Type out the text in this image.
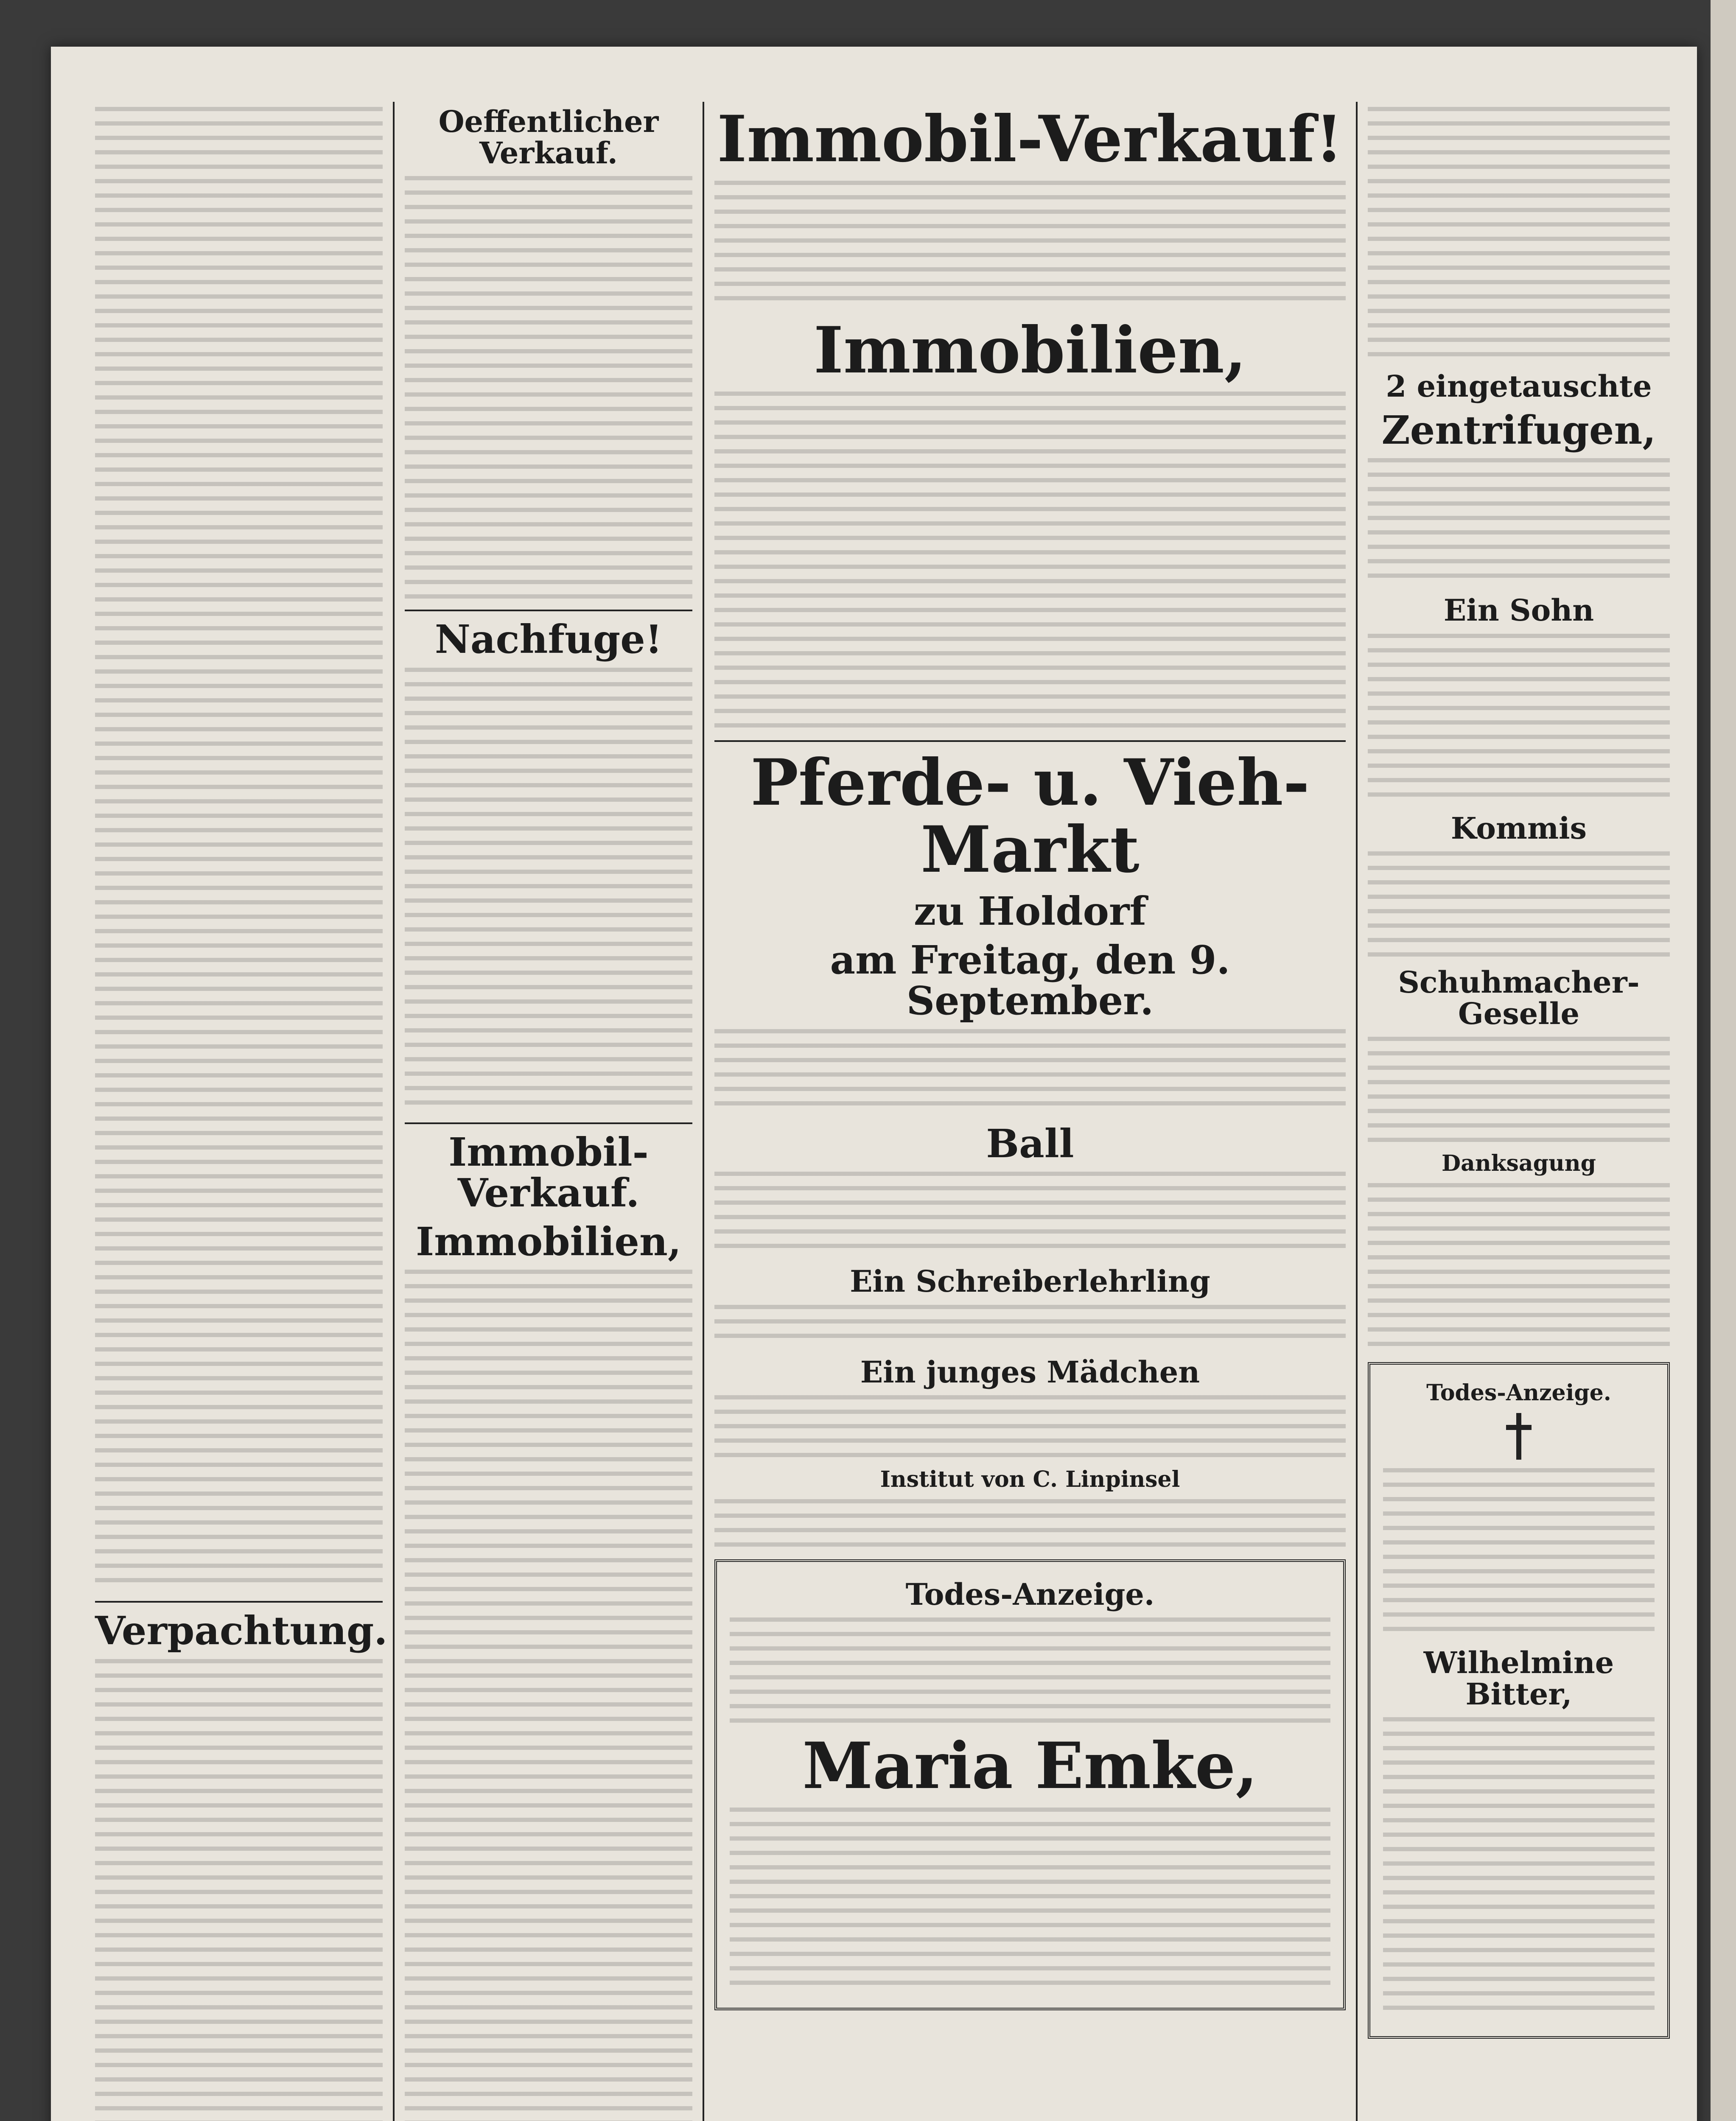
Verpachtung.
Oeffentlicher Verkauf.
Nachfuge!
Immobil-Verkauf.
Immobilien,
Immobil-Verkauf!
Immobilien,
Pferde- u. Vieh-Markt
zu Holdorf
am Freitag, den 9. September.
Ball
Ein Schreiberlehrling
Ein junges Mädchen
Institut von C. Linpinsel
Todes-Anzeige.
Maria Emke,
2 eingetauschte
Zentrifugen,
Ein Sohn
Kommis
Schuhmacher-Geselle
Danksagung
Todes-Anzeige.
Wilhelmine Bitter,
